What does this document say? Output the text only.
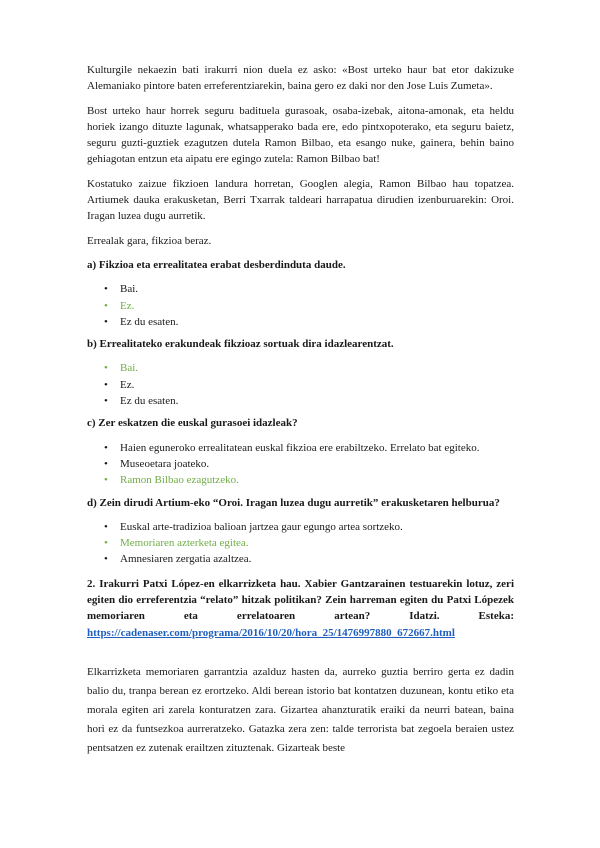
Kulturgile nekaezin bati irakurri nion duela ez asko: «Bost urteko haur bat etor dakizuke Alemaniako pintore baten erreferentziarekin, baina gero ez daki nor den Jose Luis Zumeta».

Bost urteko haur horrek seguru badituela gurasoak, osaba-izebak, aitona-amonak, eta heldu horiek izango dituzte lagunak, whatsapperako bada ere, edo pintxopoterako, eta seguru baietz, seguru guzti-guztiek ezagutzen dutela Ramon Bilbao, eta esango nuke, gainera, behin baino gehiagotan entzun eta aipatu ere egingo zutela: Ramon Bilbao bat!

Kostatuko zaizue fikzioen landura horretan, Googlen alegia, Ramon Bilbao hau topatzea. Artiumek dauka erakusketan, Berri Txarrak taldeari harrapatua dirudien izenburuarekin: Oroi. Iragan luzea dugu aurretik.

Errealak gara, fikzioa beraz.

a) Fikzioa eta errealitatea erabat desberdinduta daude.

• Bai.
• Ez.
• Ez du esaten.

b) Errealitateko erakundeak fikzioaz sortuak dira idazlearentzat.

• Bai.
• Ez.
• Ez du esaten.

c) Zer eskatzen die euskal gurasoei idazleak?

• Haien eguneroko errealitatean euskal fikzioa ere erabiltzeko. Errelato bat egiteko.
• Museoetara joateko.
• Ramon Bilbao ezagutzeko.

d) Zein dirudi Artium-eko “Oroi. Iragan luzea dugu aurretik” erakusketaren helburua?

• Euskal arte-tradizioa balioan jartzea gaur egungo artea sortzeko.
• Memoriaren azterketa egitea.
• Amnesiaren zergatia azaltzea.

2. Irakurri Patxi López-en elkarrizketa hau. Xabier Gantzarainen testuarekin lotuz, zeri egiten dio erreferentzia “relato” hitzak politikan? Zein harreman egiten du Patxi Lópezek memoriaren eta errelatoaren artean? Idatzi. Esteka: https://cadenaser.com/programa/2016/10/20/hora_25/1476997880_672667.html

Elkarrizketa memoriaren garrantzia azalduz hasten da, aurreko guztia berriro gerta ez dadin balio du, tranpa berean ez erortzeko. Aldi berean istorio bat kontatzen duzunean, kontu etiko eta morala egiten ari zarela konturatzen zara. Gizartea ahanzturatik eraiki da neurri batean, baina hori ez da funtsezkoa aurreratzeko. Gatazka zera zen: talde terrorista bat zegoela beraien ustez pentsatzen ez zutenak erailtzen zituztenak. Gizarteak beste
